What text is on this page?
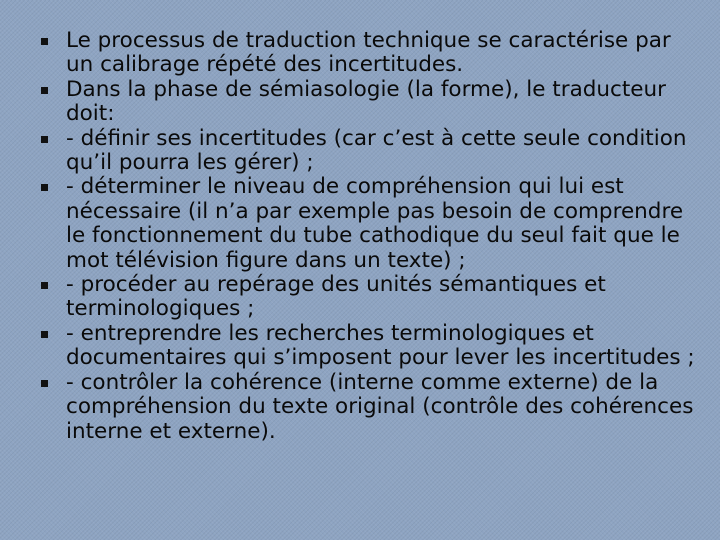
Le processus de traduction technique se caractérise par un calibrage répété des incertitudes.
Dans la phase de sémiasologie (la forme), le traducteur doit:
- définir ses incertitudes (car c’est à cette seule condition qu’il pourra les gérer) ;
- déterminer le niveau de compréhension qui lui est nécessaire (il n’a par exemple pas besoin de comprendre le fonctionnement du tube cathodique du seul fait que le mot télévision figure dans un texte) ;
- procéder au repérage des unités sémantiques et terminologiques ;
- entreprendre les recherches terminologiques et documentaires qui s’imposent pour lever les incertitudes ;
- contrôler la cohérence (interne comme externe) de la compréhension du texte original (contrôle des cohérences interne et externe).
